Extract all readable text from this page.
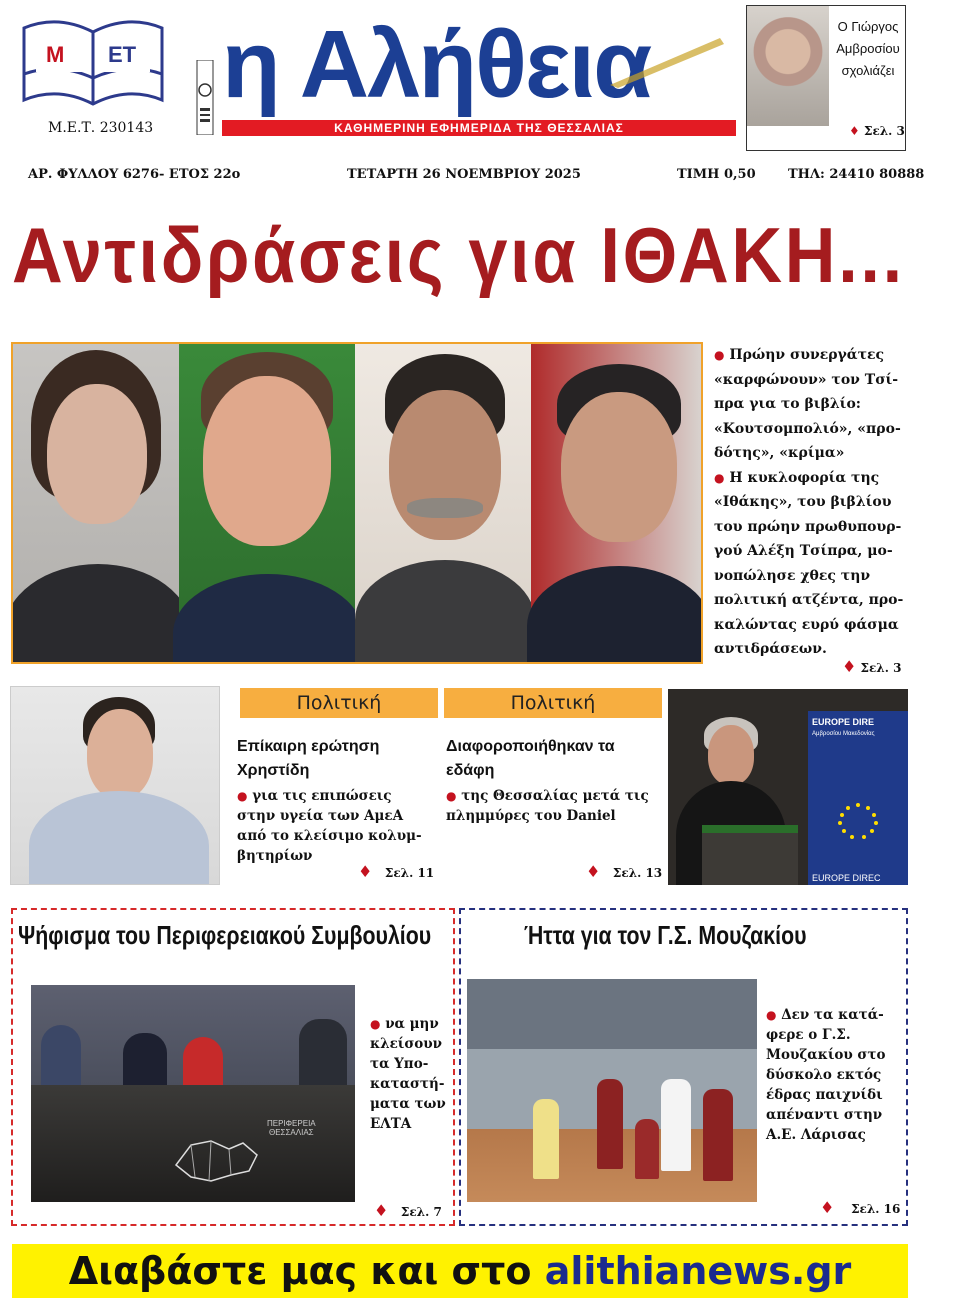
Μ ΕΤ
Μ.Ε.Τ. 230143
η Αλήθεια
ΚΑΘΗΜΕΡΙΝΗ ΕΦΗΜΕΡΙΔΑ ΤΗΣ ΘΕΣΣΑΛΙΑΣ
Ο Γιώργος
Αμβροσίου
σχολιάζει
♦ Σελ. 3
ΑΡ. ΦΥΛΛΟΥ 6276- ΕΤΟΣ 22ο	ΤΕΤΑΡΤΗ 26 ΝΟΕΜΒΡΙΟΥ 2025	ΤΙΜΗ 0,50 ΤΗΛ: 24410 80888
Αντιδράσεις για ΙΘΑΚΗ...
● Πρώην συνεργάτες
«καρφώνουν» τον Τσί-
πρα για το βιβλίο:
«Κουτσομπολιό», «προ-
δότης», «κρίμα»
● Η κυκλοφορία της
«Ιθάκης», του βιβλίου
του πρώην πρωθυπουρ-
γού Αλέξη Τσίπρα, μο-
νοπώλησε χθες την
πολιτική ατζέντα, προ-
καλώντας ευρύ φάσμα
αντιδράσεων.
♦ Σελ. 3
Πολιτική
Επίκαιρη ερώτηση Χρηστίδη
● για τις επιπώσεις
στην υγεία των ΑμεΑ
από το κλείσιμο κολυμ-
βητηρίων
♦ Σελ. 11
Πολιτική
Διαφοροποιήθηκαν τα εδάφη
● της Θεσσαλίας μετά τις
πλημμύρες του Daniel
♦ Σελ. 13
EUROPE DIRE
Αμβροσίου Μακεδονίας
EUROPE DIREC
Ψήφισμα του Περιφερειακού Συμβουλίου
ΠΕΡΙΦΕΡΕΙΑ
ΘΕΣΣΑΛΙΑΣ
● να μην
κλείσουν
τα Υπο-
καταστή-
ματα των
ΕΛΤΑ
♦ Σελ. 7
Ήττα για τον Γ.Σ. Μουζακίου
● Δεν τα κατά-
φερε ο Γ.Σ.
Μουζακίου στο
δύσκολο εκτός
έδρας παιχνίδι
απέναντι στην
Α.Ε. Λάρισας
♦ Σελ. 16
Διαβάστε μας και στο alithianews.gr
